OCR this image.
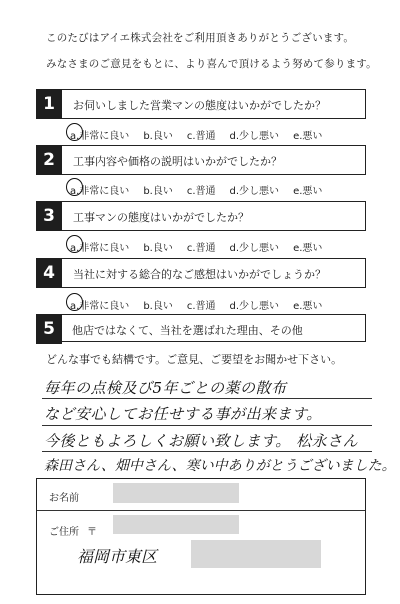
このたびはアイエ株式会社をご利用頂きありがとうございます。
みなさまのご意見をもとに、より喜んで頂けるよう努めて参ります。
1	お伺いしました営業マンの態度はいかがでしたか？
a.非常に良い b.良い c.普通 d.少し悪い e.悪い
2	工事内容や価格の説明はいかがでしたか？
a.非常に良い b.良い c.普通 d.少し悪い e.悪い
3	工事マンの態度はいかがでしたか？
a.非常に良い b.良い c.普通 d.少し悪い e.悪い
4	当社に対する総合的なご感想はいかがでしょうか？
a.非常に良い b.良い c.普通 d.少し悪い e.悪い
5	他店ではなくて、当社を選ばれた理由、その他
どんな事でも結構です。ご意見、ご要望をお聞かせ下さい。
毎年の点検及び5年ごとの薬の散布
など安心してお任せする事が出来ます。
今後ともよろしくお願い致します。 松永さん
森田さん、畑中さん、寒い中ありがとうございました。
お名前
ご住所 〒
福岡市東区
